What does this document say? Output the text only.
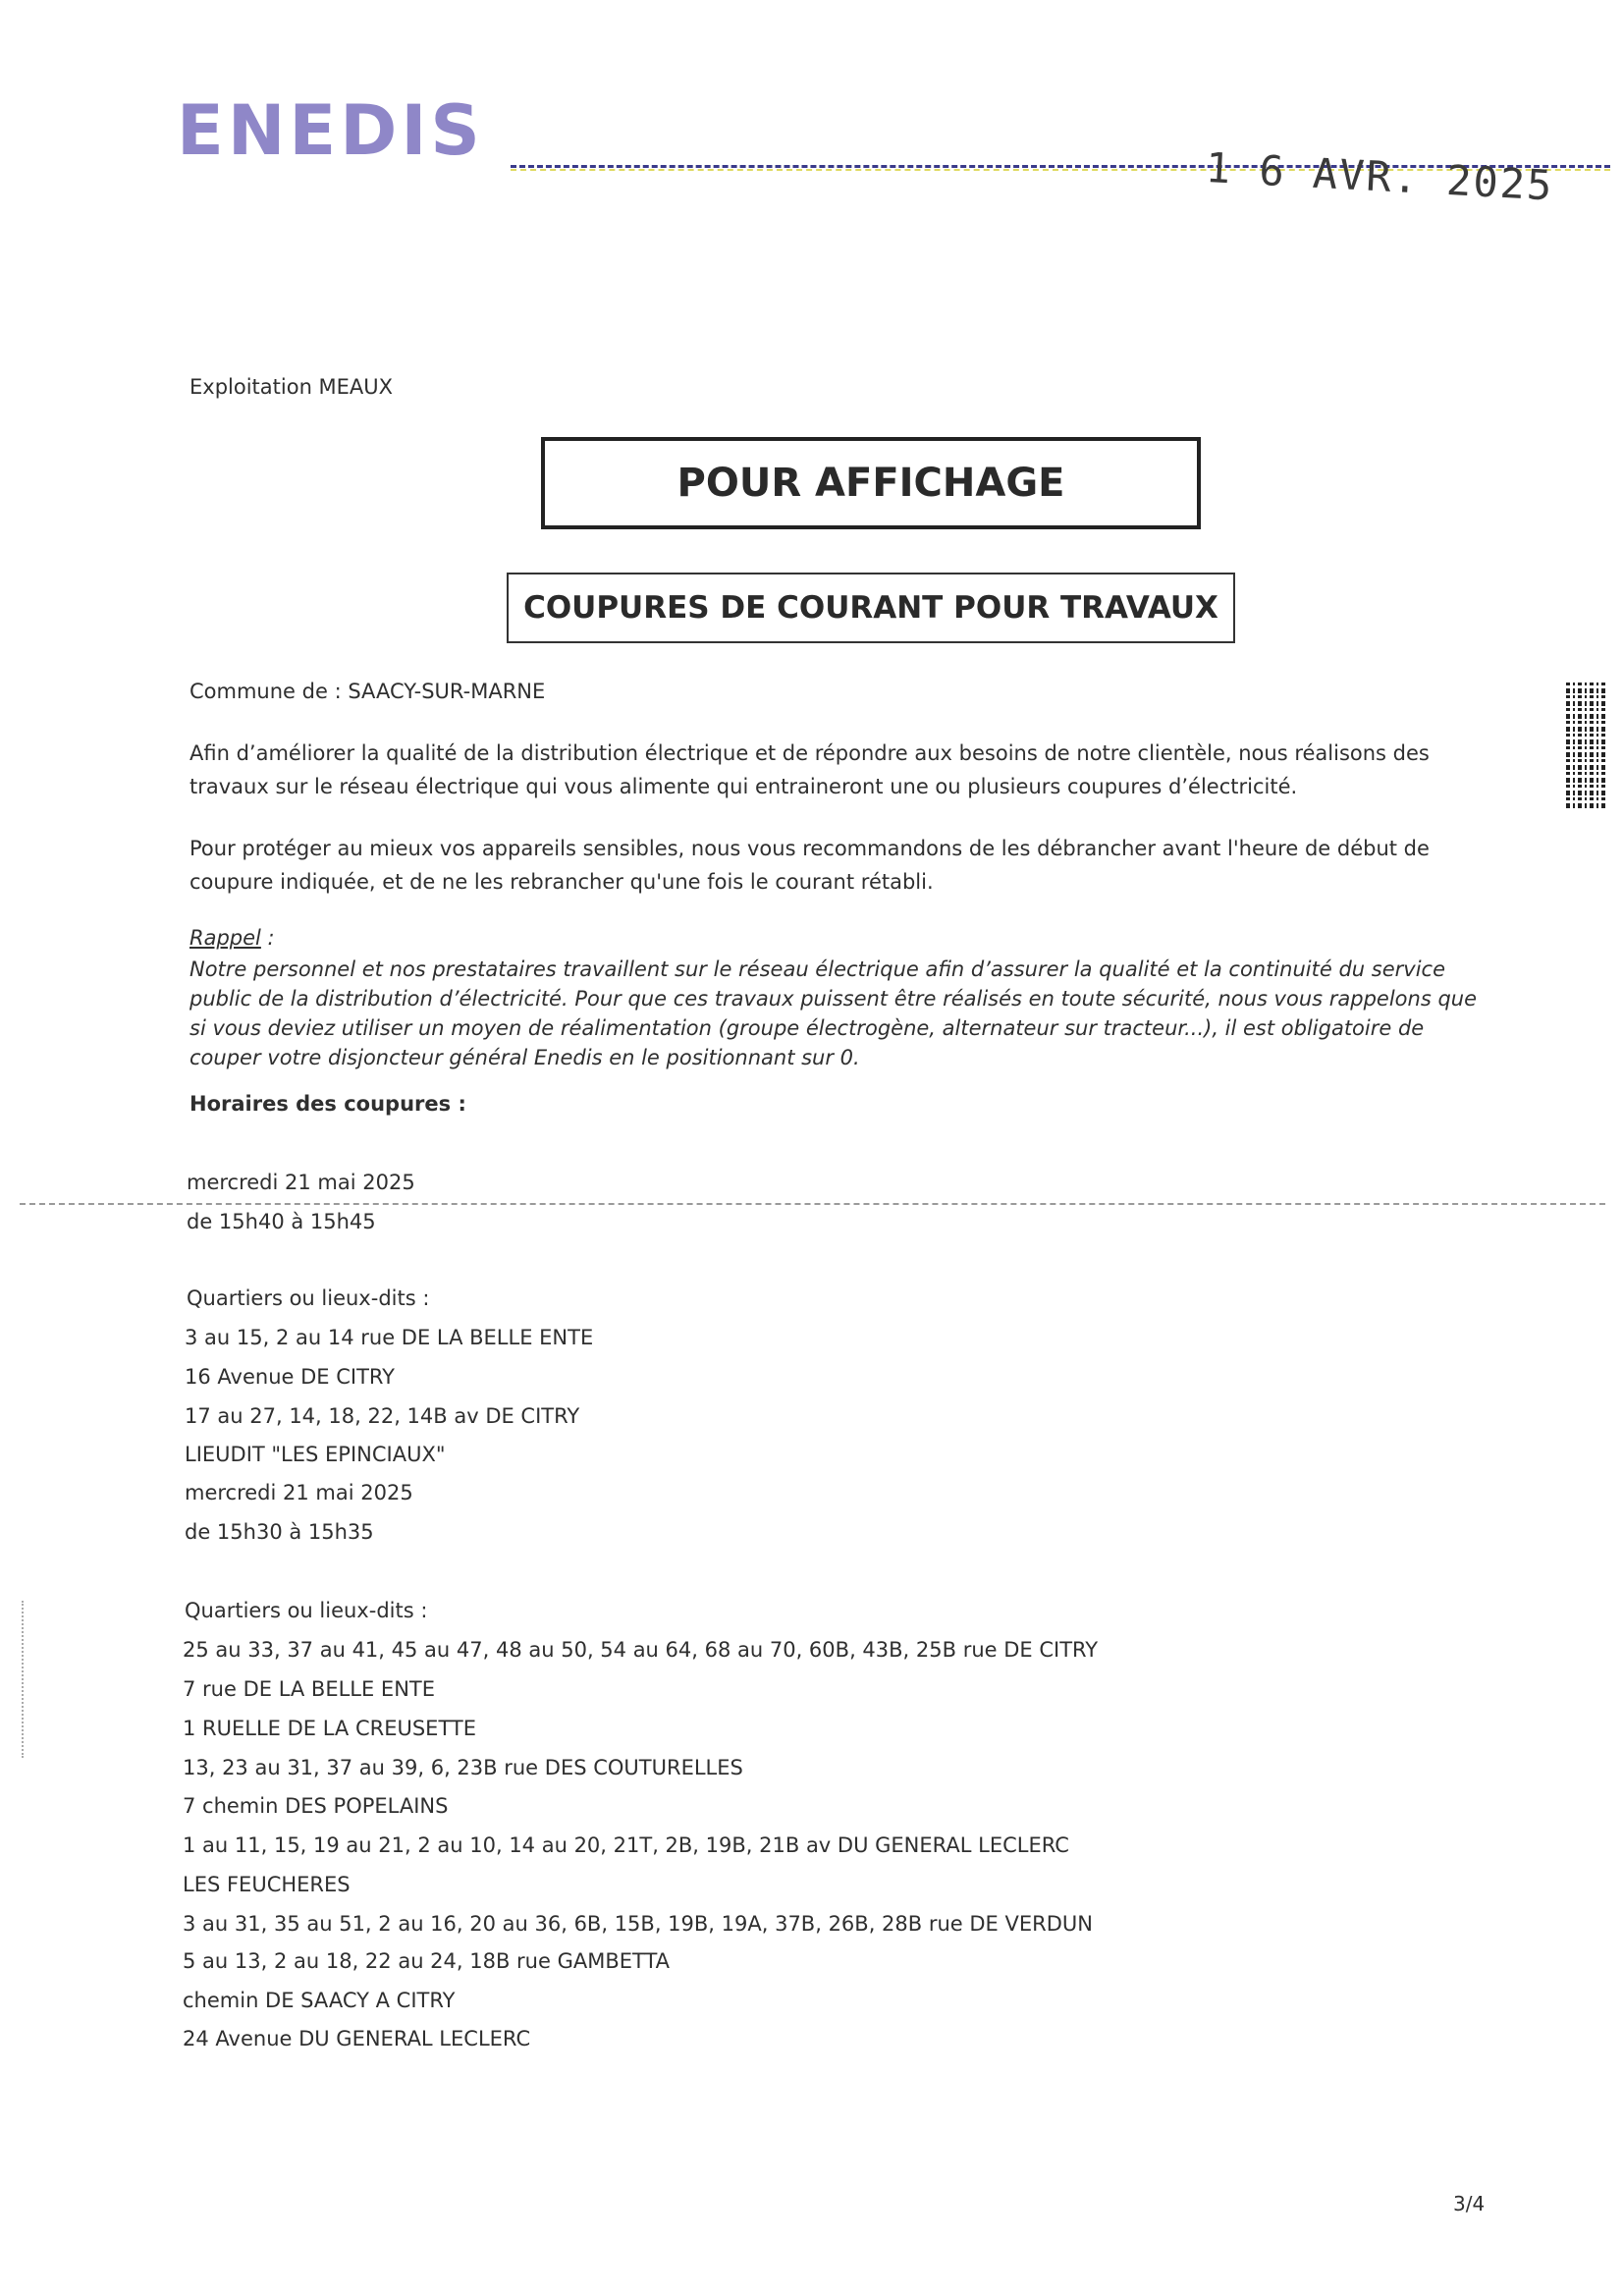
ENEDIS
1 6 AVR. 2025
Exploitation MEAUX
POUR AFFICHAGE
COUPURES DE COURANT POUR TRAVAUX
Commune de : SAACY-SUR-MARNE
Afin d’améliorer la qualité de la distribution électrique et de répondre aux besoins de notre clientèle, nous réalisons des travaux sur le réseau électrique qui vous alimente qui entraineront une ou plusieurs coupures d’électricité.
Pour protéger au mieux vos appareils sensibles, nous vous recommandons de les débrancher avant l'heure de début de coupure indiquée, et de ne les rebrancher qu'une fois le courant rétabli.
Rappel :
Notre personnel et nos prestataires travaillent sur le réseau électrique afin d’assurer la qualité et la continuité du service public de la distribution d’électricité. Pour que ces travaux puissent être réalisés en toute sécurité, nous vous rappelons que si vous deviez utiliser un moyen de réalimentation (groupe électrogène, alternateur sur tracteur...), il est obligatoire de couper votre disjoncteur général Enedis en le positionnant sur 0.
Horaires des coupures :
mercredi 21 mai 2025
de 15h40 à 15h45
Quartiers ou lieux-dits :
3 au 15, 2 au 14 rue DE LA BELLE ENTE
16 Avenue DE CITRY
17 au 27, 14, 18, 22, 14B av DE CITRY
LIEUDIT "LES EPINCIAUX"
mercredi 21 mai 2025
de 15h30 à 15h35
Quartiers ou lieux-dits :
25 au 33, 37 au 41, 45 au 47, 48 au 50, 54 au 64, 68 au 70, 60B, 43B, 25B rue DE CITRY
7 rue DE LA BELLE ENTE
1 RUELLE DE LA CREUSETTE
13, 23 au 31, 37 au 39, 6, 23B rue DES COUTURELLES
7 chemin DES POPELAINS
1 au 11, 15, 19 au 21, 2 au 10, 14 au 20, 21T, 2B, 19B, 21B av DU GENERAL LECLERC
LES FEUCHERES
3 au 31, 35 au 51, 2 au 16, 20 au 36, 6B, 15B, 19B, 19A, 37B, 26B, 28B rue DE VERDUN
5 au 13, 2 au 18, 22 au 24, 18B rue GAMBETTA
chemin DE SAACY A CITRY
24 Avenue DU GENERAL LECLERC
3/4
